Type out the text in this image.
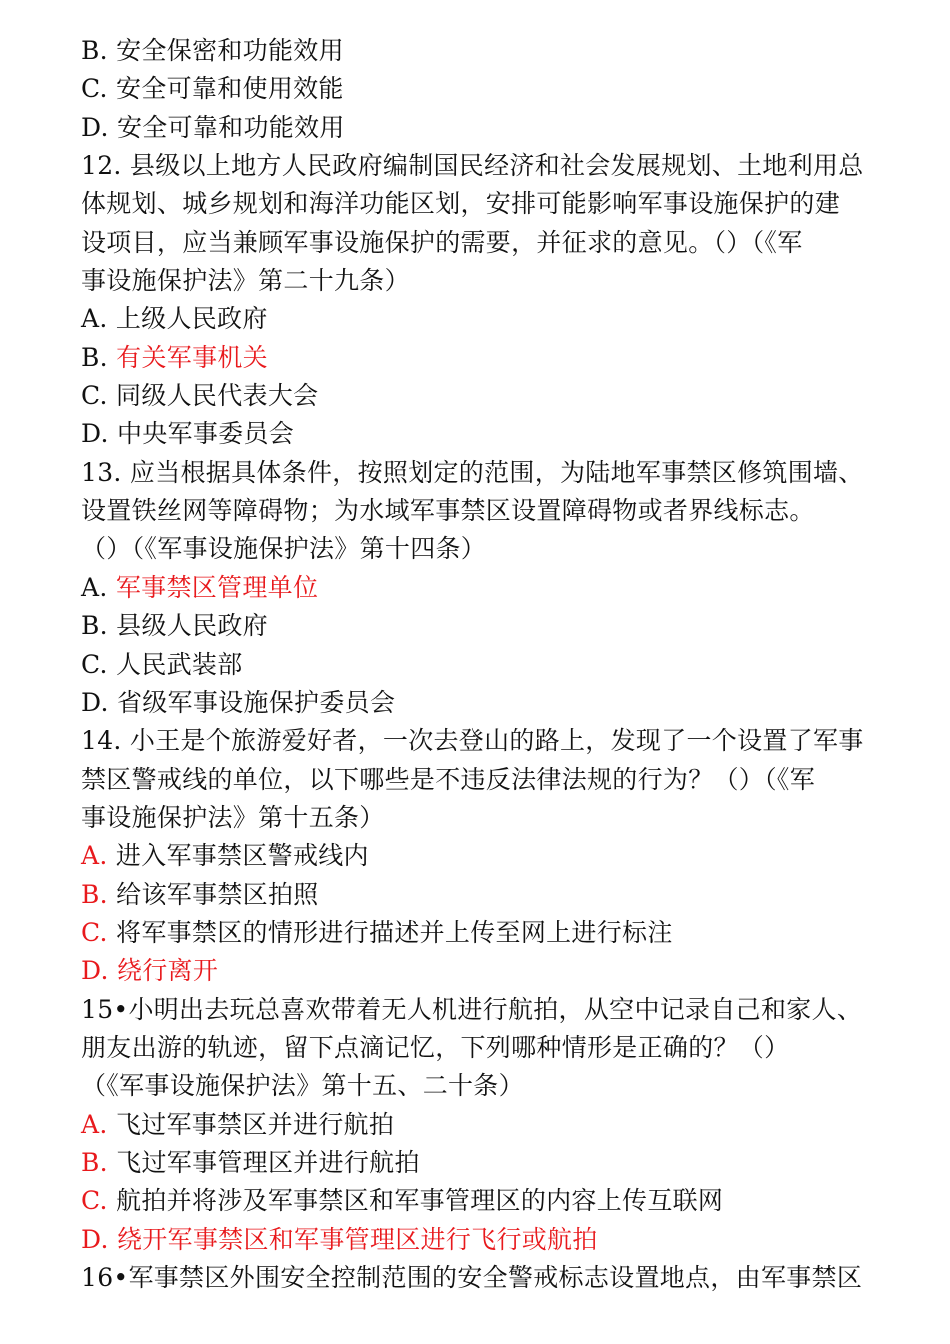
B. 安全保密和功能效用
C. 安全可靠和使用效能
D. 安全可靠和功能效用
12. 县级以上地方人民政府编制国民经济和社会发展规划、土地利用总
体规划、城乡规划和海洋功能区划，安排可能影响军事设施保护的建
设项目，应当兼顾军事设施保护的需要，并征求的意见。（）（《军
事设施保护法》第二十九条）
A. 上级人民政府
B. 有关军事机关
C. 同级人民代表大会
D. 中央军事委员会
13. 应当根据具体条件，按照划定的范围，为陆地军事禁区修筑围墙、
设置铁丝网等障碍物；为水域军事禁区设置障碍物或者界线标志。
（）（《军事设施保护法》第十四条）
A. 军事禁区管理单位
B. 县级人民政府
C. 人民武装部
D. 省级军事设施保护委员会
14. 小王是个旅游爱好者，一次去登山的路上，发现了一个设置了军事
禁区警戒线的单位，以下哪些是不违反法律法规的行为？（）（《军
事设施保护法》第十五条）
A. 进入军事禁区警戒线内
B. 给该军事禁区拍照
C. 将军事禁区的情形进行描述并上传至网上进行标注
D. 绕行离开
15•小明出去玩总喜欢带着无人机进行航拍，从空中记录自己和家人、
朋友出游的轨迹，留下点滴记忆，下列哪种情形是正确的？（）
（《军事设施保护法》第十五、二十条）
A. 飞过军事禁区并进行航拍
B. 飞过军事管理区并进行航拍
C. 航拍并将涉及军事禁区和军事管理区的内容上传互联网
D. 绕开军事禁区和军事管理区进行飞行或航拍
16•军事禁区外围安全控制范围的安全警戒标志设置地点，由军事禁区
